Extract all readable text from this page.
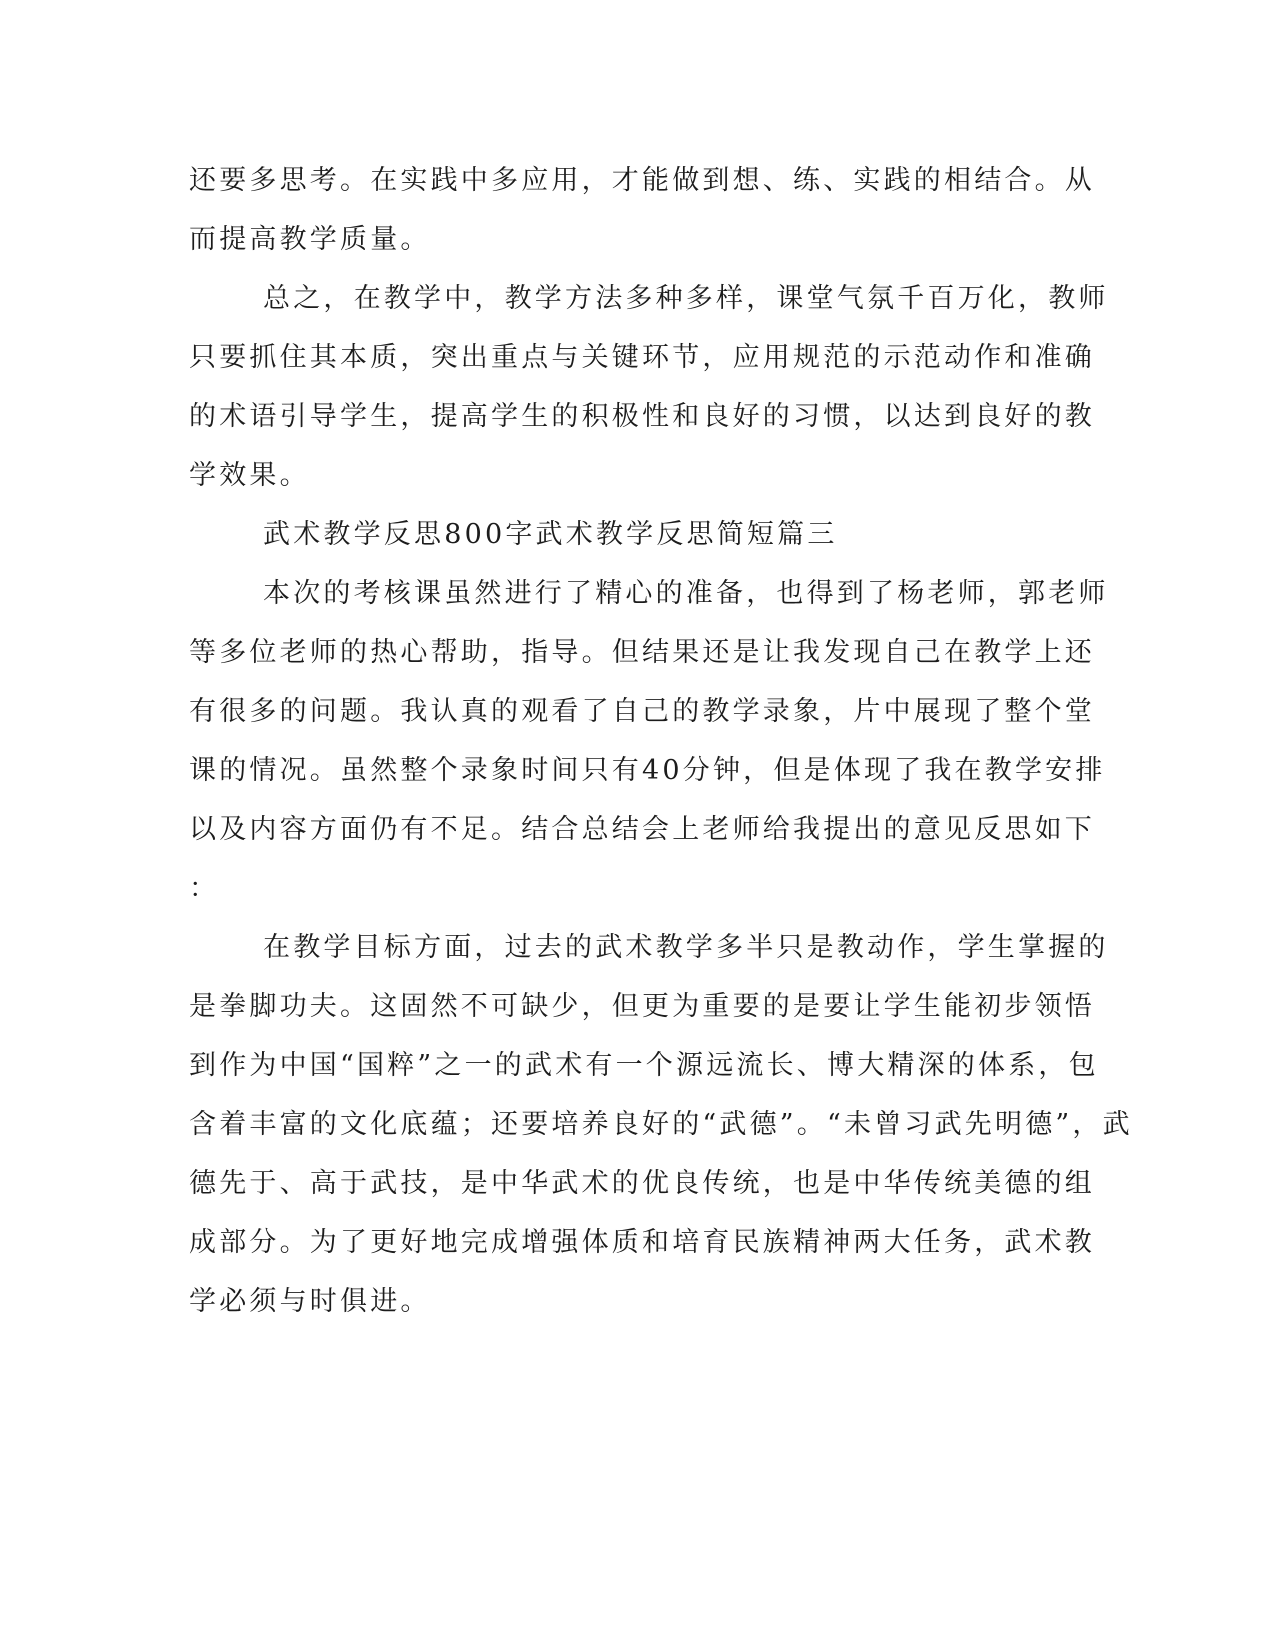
还要多思考。在实践中多应用，才能做到想、练、实践的相结合。从

而提高教学质量。

总之，在教学中，教学方法多种多样，课堂气氛千百万化，教师

只要抓住其本质，突出重点与关键环节，应用规范的示范动作和准确

的术语引导学生，提高学生的积极性和良好的习惯，以达到良好的教

学效果。

武术教学反思800字武术教学反思简短篇三

本次的考核课虽然进行了精心的准备，也得到了杨老师，郭老师

等多位老师的热心帮助，指导。但结果还是让我发现自己在教学上还

有很多的问题。我认真的观看了自己的教学录象，片中展现了整个堂

课的情况。虽然整个录象时间只有40分钟，但是体现了我在教学安排

以及内容方面仍有不足。结合总结会上老师给我提出的意见反思如下

：

在教学目标方面，过去的武术教学多半只是教动作，学生掌握的

是拳脚功夫。这固然不可缺少，但更为重要的是要让学生能初步领悟

到作为中国“国粹”之一的武术有一个源远流长、博大精深的体系，包

含着丰富的文化底蕴；还要培养良好的“武德”。“未曾习武先明德”，武

德先于、高于武技，是中华武术的优良传统，也是中华传统美德的组

成部分。为了更好地完成增强体质和培育民族精神两大任务，武术教

学必须与时俱进。
